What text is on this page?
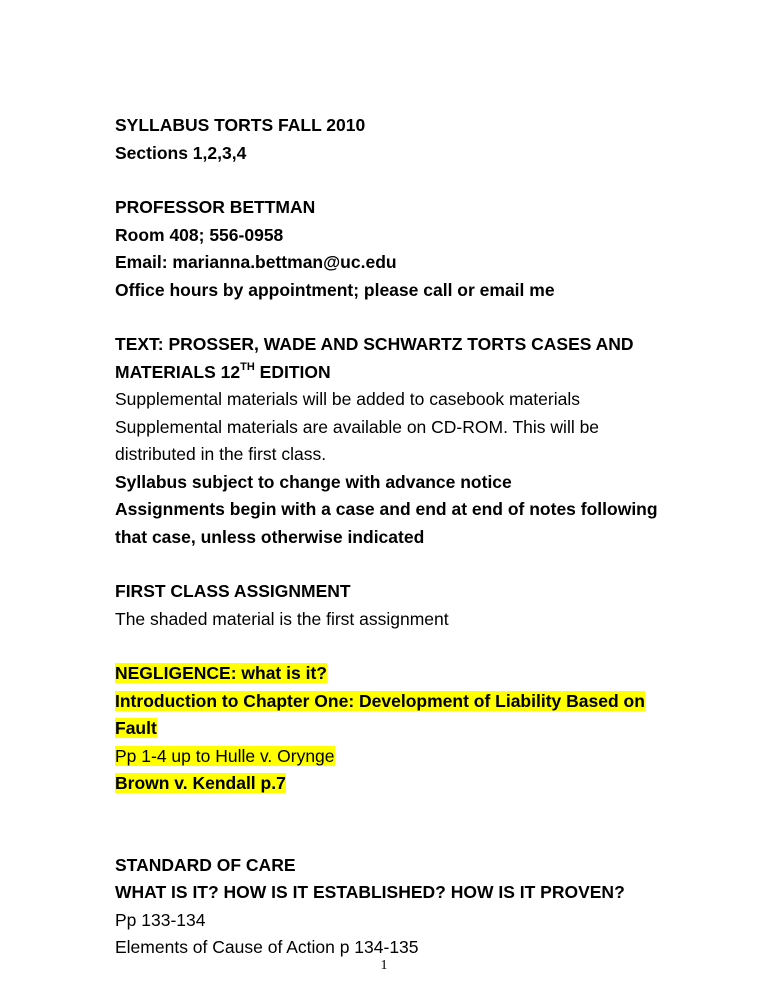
SYLLABUS TORTS FALL 2010
Sections 1,2,3,4
PROFESSOR BETTMAN
Room 408; 556-0958
Email: marianna.bettman@uc.edu
Office hours by appointment; please call or email me
TEXT: PROSSER, WADE AND SCHWARTZ TORTS CASES AND
MATERIALS 12TH EDITION
Supplemental materials will be added to casebook materials
Supplemental materials are available on CD-ROM. This will be distributed in the first class.
Syllabus subject to change with advance notice
Assignments begin with a case and end at end of notes following that case, unless otherwise indicated
FIRST CLASS ASSIGNMENT
The shaded material is the first assignment
NEGLIGENCE: what is it?
Introduction to Chapter One: Development of Liability Based on Fault
Pp 1-4 up to Hulle v. Orynge
Brown v. Kendall p.7
STANDARD OF CARE
WHAT IS IT? HOW IS IT ESTABLISHED? HOW IS IT PROVEN?
Pp 133-134
Elements of Cause of Action p 134-135
1
